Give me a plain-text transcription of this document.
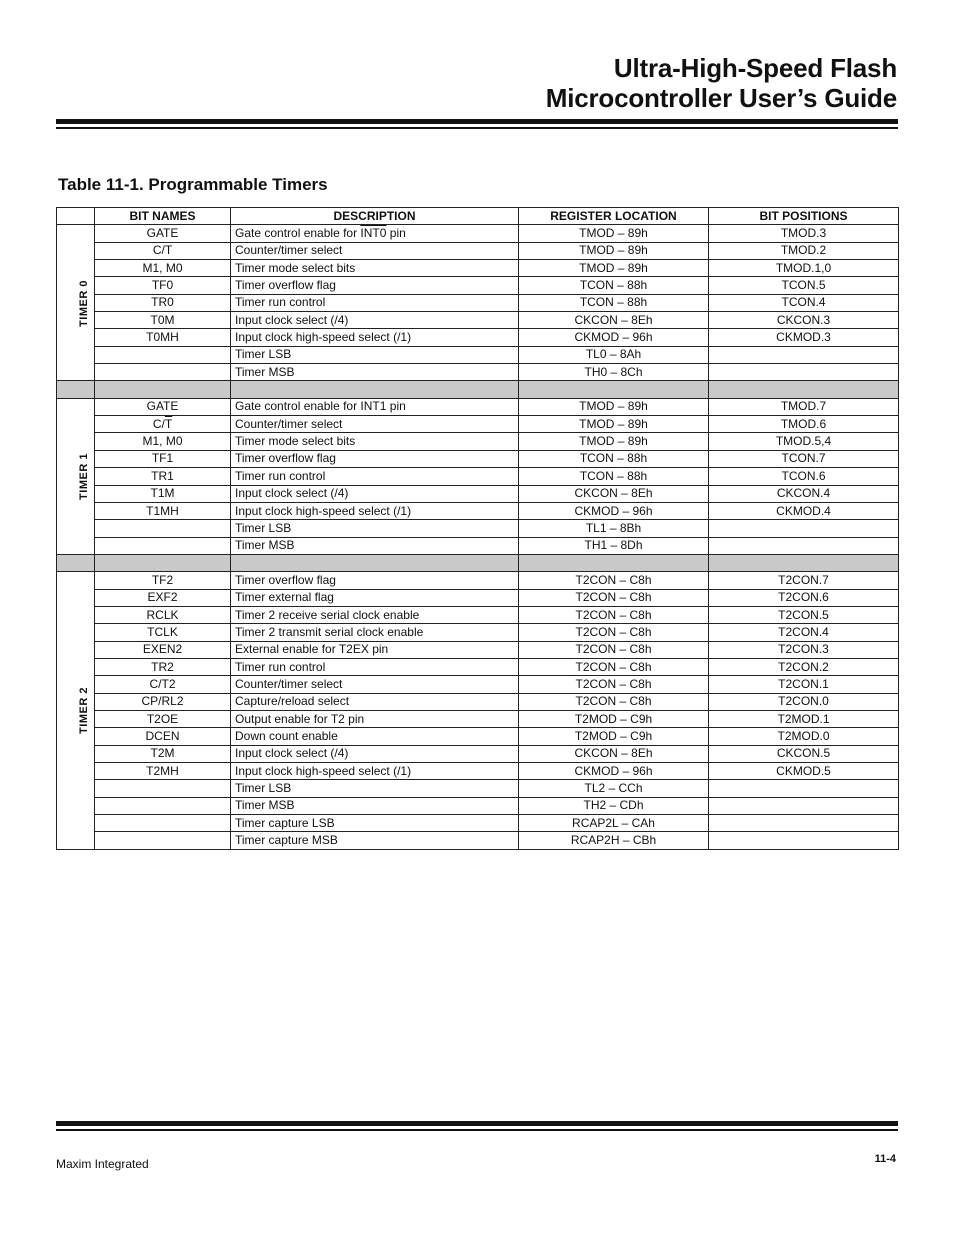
Ultra-High-Speed Flash
Microcontroller User’s Guide
Table 11-1. Programmable Timers
	BIT NAMES	DESCRIPTION	REGISTER LOCATION	BIT POSITIONS
TIMER 0	GATE	Gate control enable for INT0 pin	TMOD – 89h	TMOD.3
	$C/\overline{T}$	Counter/timer select	TMOD – 89h	TMOD.2
	M1, M0	Timer mode select bits	TMOD – 89h	TMOD.1,0
	TF0	Timer overflow flag	TCON – 88h	TCON.5
	TR0	Timer run control	TCON – 88h	TCON.4
	T0M	Input clock select (/4)	CKCON – 8Eh	CKCON.3
	T0MH	Input clock high-speed select (/1)	CKMOD – 96h	CKMOD.3
		Timer LSB	TL0 – 8Ah	
		Timer MSB	TH0 – 8Ch	

TIMER 1	GATE	Gate control enable for INT1 pin	TMOD – 89h	TMOD.7
	$C/\overline{T}$	Counter/timer select	TMOD – 89h	TMOD.6
	M1, M0	Timer mode select bits	TMOD – 89h	TMOD.5,4
	TF1	Timer overflow flag	TCON – 88h	TCON.7
	TR1	Timer run control	TCON – 88h	TCON.6
	T1M	Input clock select (/4)	CKCON – 8Eh	CKCON.4
	T1MH	Input clock high-speed select (/1)	CKMOD – 96h	CKMOD.4
		Timer LSB	TL1 – 8Bh	
		Timer MSB	TH1 – 8Dh	

TIMER 2	TF2	Timer overflow flag	T2CON – C8h	T2CON.7
	EXF2	Timer external flag	T2CON – C8h	T2CON.6
	RCLK	Timer 2 receive serial clock enable	T2CON – C8h	T2CON.5
	TCLK	Timer 2 transmit serial clock enable	T2CON – C8h	T2CON.4
	EXEN2	External enable for T2EX pin	T2CON – C8h	T2CON.3
	TR2	Timer run control	T2CON – C8h	T2CON.2
	C/T2	Counter/timer select	T2CON – C8h	T2CON.1
	CP/RL2	Capture/reload select	T2CON – C8h	T2CON.0
	T2OE	Output enable for T2 pin	T2MOD – C9h	T2MOD.1
	DCEN	Down count enable	T2MOD – C9h	T2MOD.0
	T2M	Input clock select (/4)	CKCON – 8Eh	CKCON.5
	T2MH	Input clock high-speed select (/1)	CKMOD – 96h	CKMOD.5
		Timer LSB	TL2 – CCh	
		Timer MSB	TH2 – CDh	
		Timer capture LSB	RCAP2L – CAh	
		Timer capture MSB	RCAP2H – CBh	
Maxim Integrated	11-4
